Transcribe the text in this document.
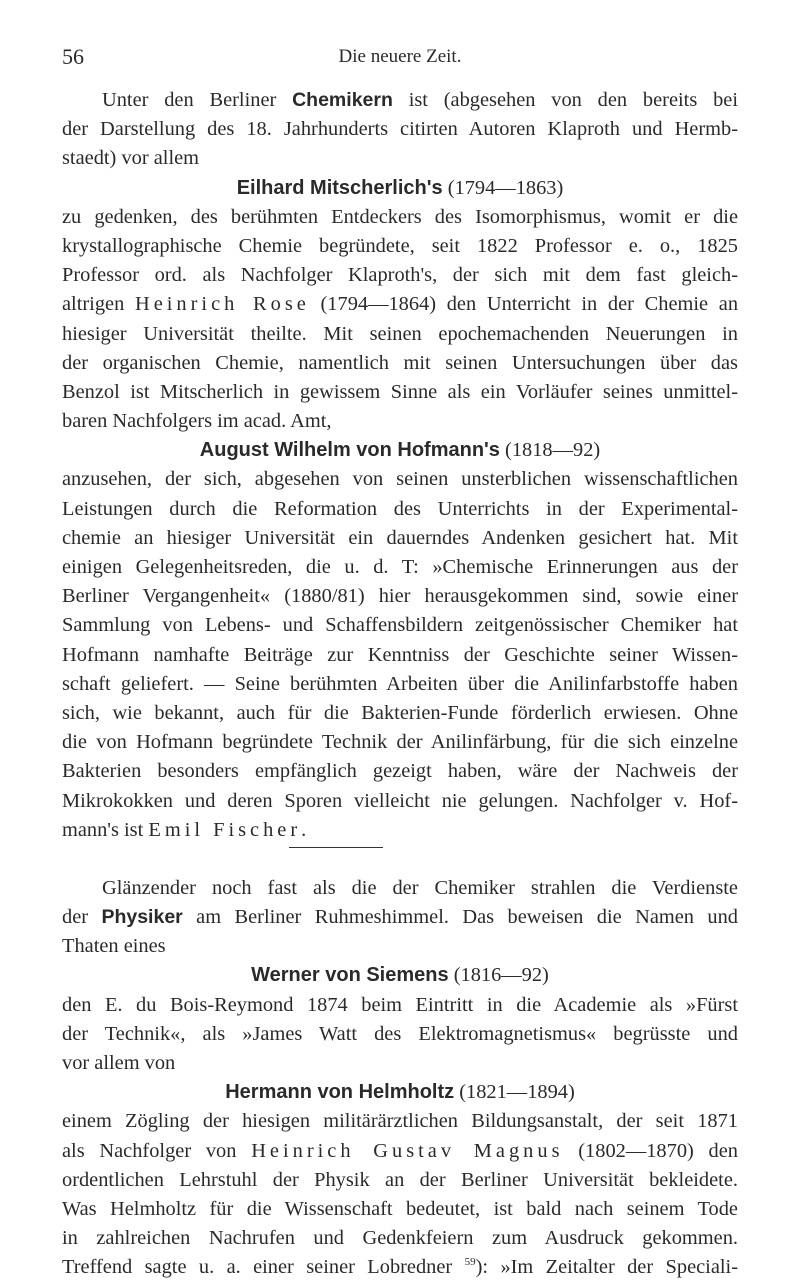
56	Die neuere Zeit.
Unter den Berliner Chemikern ist (abgesehen von den bereits bei
der Darstellung des 18. Jahrhunderts citirten Autoren Klaproth und Hermb-
staedt) vor allem
Eilhard Mitscherlich's (1794—1863)
zu gedenken, des berühmten Entdeckers des Isomorphismus, womit er die
krystallographische Chemie begründete, seit 1822 Professor e. o., 1825
Professor ord. als Nachfolger Klaproth's, der sich mit dem fast gleich-
altrigen Heinrich Rose (1794—1864) den Unterricht in der Chemie an
hiesiger Universität theilte. Mit seinen epochemachenden Neuerungen in
der organischen Chemie, namentlich mit seinen Untersuchungen über das
Benzol ist Mitscherlich in gewissem Sinne als ein Vorläufer seines unmittel-
baren Nachfolgers im acad. Amt,
August Wilhelm von Hofmann's (1818—92)
anzusehen, der sich, abgesehen von seinen unsterblichen wissenschaftlichen
Leistungen durch die Reformation des Unterrichts in der Experimental-
chemie an hiesiger Universität ein dauerndes Andenken gesichert hat. Mit
einigen Gelegenheitsreden, die u. d. T: »Chemische Erinnerungen aus der
Berliner Vergangenheit« (1880/81) hier herausgekommen sind, sowie einer
Sammlung von Lebens- und Schaffensbildern zeitgenössischer Chemiker hat
Hofmann namhafte Beiträge zur Kenntniss der Geschichte seiner Wissen-
schaft geliefert. — Seine berühmten Arbeiten über die Anilinfarbstoffe haben
sich, wie bekannt, auch für die Bakterien-Funde förderlich erwiesen. Ohne
die von Hofmann begründete Technik der Anilinfärbung, für die sich einzelne
Bakterien besonders empfänglich gezeigt haben, wäre der Nachweis der
Mikrokokken und deren Sporen vielleicht nie gelungen. Nachfolger v. Hof-
mann's ist Emil Fischer.
Glänzender noch fast als die der Chemiker strahlen die Verdienste
der Physiker am Berliner Ruhmeshimmel. Das beweisen die Namen und
Thaten eines
Werner von Siemens (1816—92)
den E. du Bois-Reymond 1874 beim Eintritt in die Academie als »Fürst
der Technik«, als »James Watt des Elektromagnetismus« begrüsste und
vor allem von
Hermann von Helmholtz (1821—1894)
einem Zögling der hiesigen militärärztlichen Bildungsanstalt, der seit 1871
als Nachfolger von Heinrich Gustav Magnus (1802—1870) den
ordentlichen Lehrstuhl der Physik an der Berliner Universität bekleidete.
Was Helmholtz für die Wissenschaft bedeutet, ist bald nach seinem Tode
in zahlreichen Nachrufen und Gedenkfeiern zum Ausdruck gekommen.
Treffend sagte u. a. einer seiner Lobredner $^{59}$): »Im Zeitalter der Speciali-
